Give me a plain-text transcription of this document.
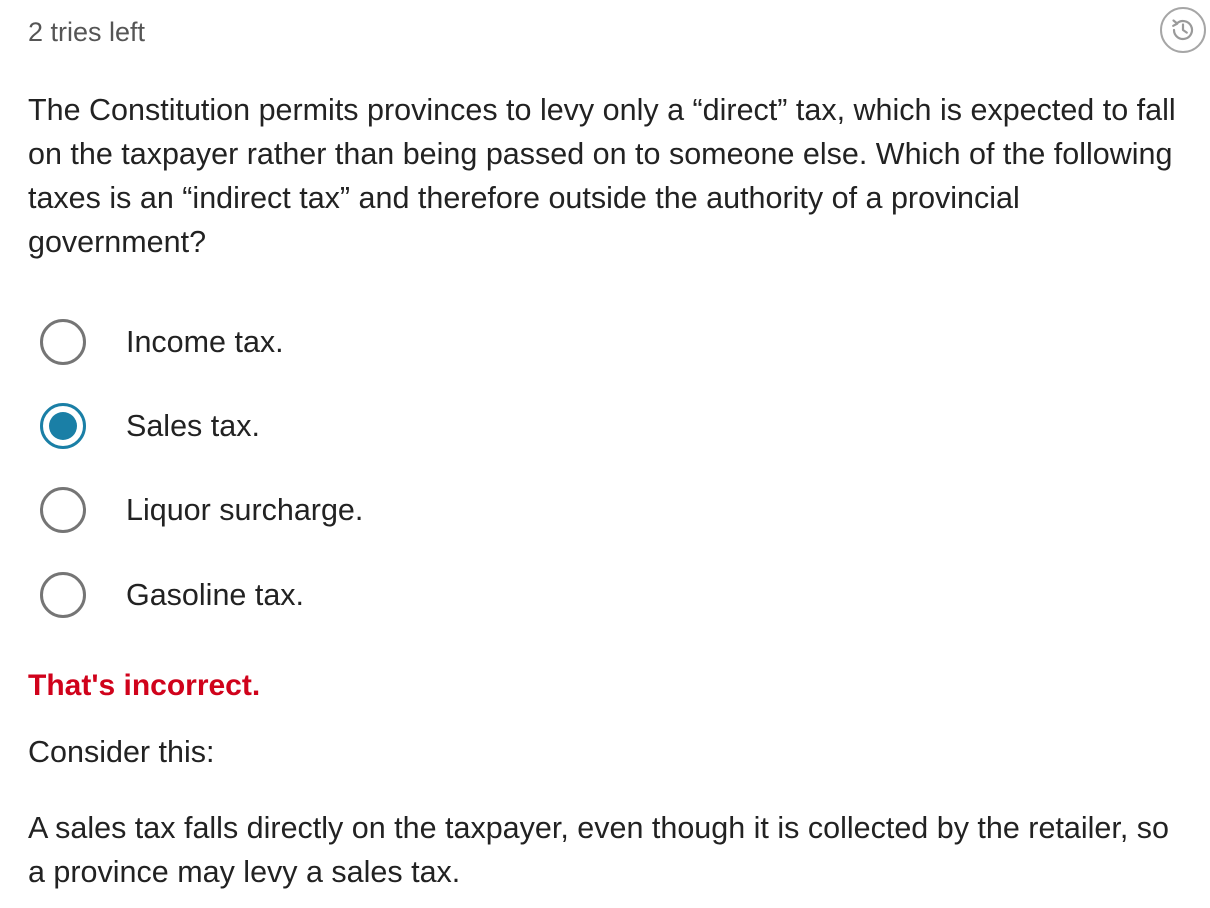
2 tries left
The Constitution permits provinces to levy only a “direct” tax, which is expected to fall on the taxpayer rather than being passed on to someone else. Which of the following taxes is an “indirect tax” and therefore outside the authority of a provincial government?
Income tax.
Sales tax.
Liquor surcharge.
Gasoline tax.
That's incorrect.
Consider this:
A sales tax falls directly on the taxpayer, even though it is collected by the retailer, so a province may levy a sales tax.
